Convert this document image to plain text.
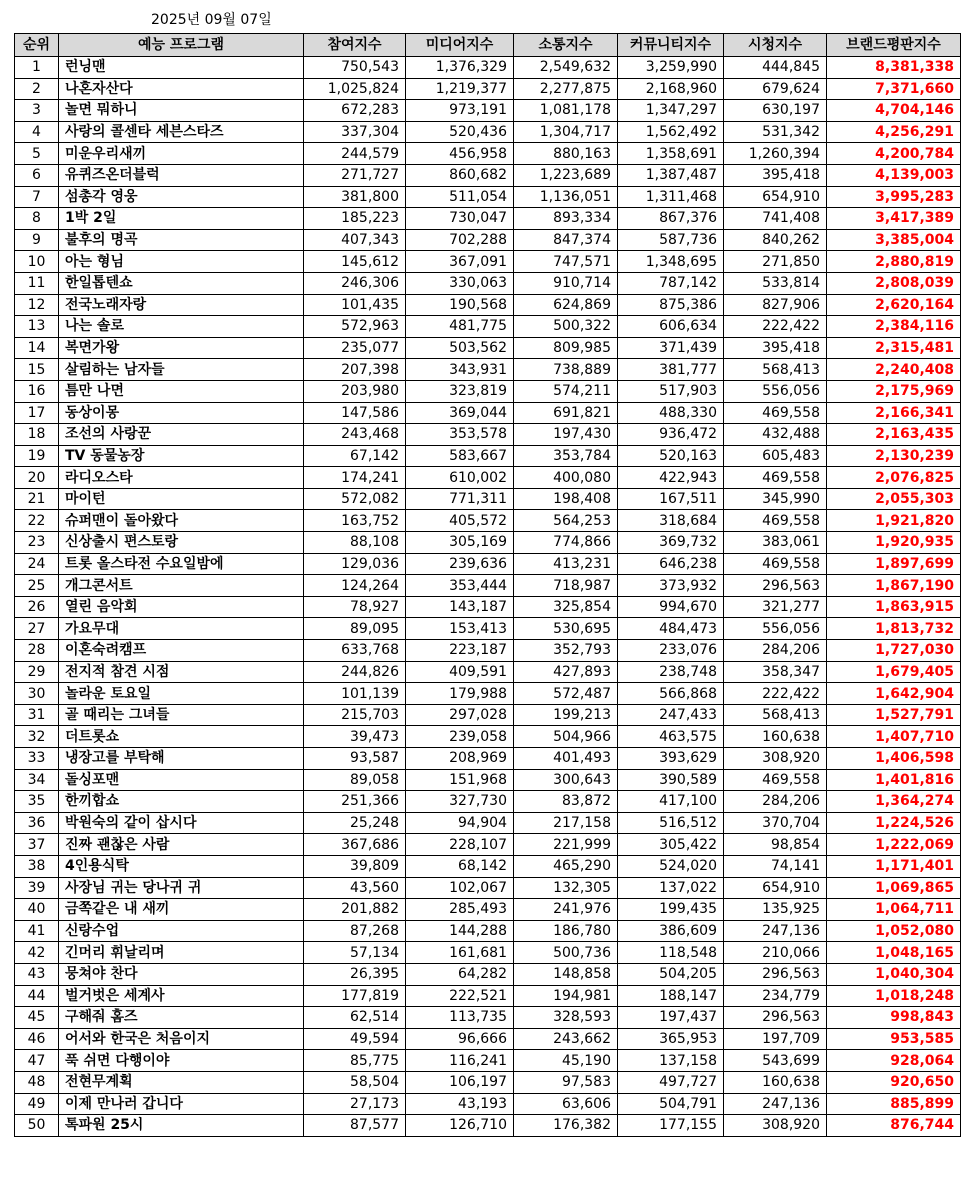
2025년 09월 07일
순위	예능 프로그램	참여지수	미디어지수	소통지수	커뮤니티지수	시청지수	브랜드평판지수
1	런닝맨	750,543	1,376,329	2,549,632	3,259,990	444,845	8,381,338
2	나혼자산다	1,025,824	1,219,377	2,277,875	2,168,960	679,624	7,371,660
3	놀면 뭐하니	672,283	973,191	1,081,178	1,347,297	630,197	4,704,146
4	사랑의 콜센타 세븐스타즈	337,304	520,436	1,304,717	1,562,492	531,342	4,256,291
5	미운우리새끼	244,579	456,958	880,163	1,358,691	1,260,394	4,200,784
6	유퀴즈온더블럭	271,727	860,682	1,223,689	1,387,487	395,418	4,139,003
7	섬총각 영웅	381,800	511,054	1,136,051	1,311,468	654,910	3,995,283
8	1박 2일	185,223	730,047	893,334	867,376	741,408	3,417,389
9	불후의 명곡	407,343	702,288	847,374	587,736	840,262	3,385,004
10	아는 형님	145,612	367,091	747,571	1,348,695	271,850	2,880,819
11	한일톱텐쇼	246,306	330,063	910,714	787,142	533,814	2,808,039
12	전국노래자랑	101,435	190,568	624,869	875,386	827,906	2,620,164
13	나는 솔로	572,963	481,775	500,322	606,634	222,422	2,384,116
14	복면가왕	235,077	503,562	809,985	371,439	395,418	2,315,481
15	살림하는 남자들	207,398	343,931	738,889	381,777	568,413	2,240,408
16	틈만 나면	203,980	323,819	574,211	517,903	556,056	2,175,969
17	동상이몽	147,586	369,044	691,821	488,330	469,558	2,166,341
18	조선의 사랑꾼	243,468	353,578	197,430	936,472	432,488	2,163,435
19	TV 동물농장	67,142	583,667	353,784	520,163	605,483	2,130,239
20	라디오스타	174,241	610,002	400,080	422,943	469,558	2,076,825
21	마이턴	572,082	771,311	198,408	167,511	345,990	2,055,303
22	슈퍼맨이 돌아왔다	163,752	405,572	564,253	318,684	469,558	1,921,820
23	신상출시 편스토랑	88,108	305,169	774,866	369,732	383,061	1,920,935
24	트롯 올스타전 수요일밤에	129,036	239,636	413,231	646,238	469,558	1,897,699
25	개그콘서트	124,264	353,444	718,987	373,932	296,563	1,867,190
26	열린 음악회	78,927	143,187	325,854	994,670	321,277	1,863,915
27	가요무대	89,095	153,413	530,695	484,473	556,056	1,813,732
28	이혼숙려캠프	633,768	223,187	352,793	233,076	284,206	1,727,030
29	전지적 참견 시점	244,826	409,591	427,893	238,748	358,347	1,679,405
30	놀라운 토요일	101,139	179,988	572,487	566,868	222,422	1,642,904
31	골 때리는 그녀들	215,703	297,028	199,213	247,433	568,413	1,527,791
32	더트롯쇼	39,473	239,058	504,966	463,575	160,638	1,407,710
33	냉장고를 부탁해	93,587	208,969	401,493	393,629	308,920	1,406,598
34	돌싱포맨	89,058	151,968	300,643	390,589	469,558	1,401,816
35	한끼합쇼	251,366	327,730	83,872	417,100	284,206	1,364,274
36	박원숙의 같이 삽시다	25,248	94,904	217,158	516,512	370,704	1,224,526
37	진짜 괜찮은 사람	367,686	228,107	221,999	305,422	98,854	1,222,069
38	4인용식탁	39,809	68,142	465,290	524,020	74,141	1,171,401
39	사장님 귀는 당나귀 귀	43,560	102,067	132,305	137,022	654,910	1,069,865
40	금쪽같은 내 새끼	201,882	285,493	241,976	199,435	135,925	1,064,711
41	신랑수업	87,268	144,288	186,780	386,609	247,136	1,052,080
42	긴머리 휘날리며	57,134	161,681	500,736	118,548	210,066	1,048,165
43	뭉쳐야 찬다	26,395	64,282	148,858	504,205	296,563	1,040,304
44	벌거벗은 세계사	177,819	222,521	194,981	188,147	234,779	1,018,248
45	구해줘 홈즈	62,514	113,735	328,593	197,437	296,563	998,843
46	어서와 한국은 처음이지	49,594	96,666	243,662	365,953	197,709	953,585
47	푹 쉬면 다행이야	85,775	116,241	45,190	137,158	543,699	928,064
48	전현무계획	58,504	106,197	97,583	497,727	160,638	920,650
49	이제 만나러 갑니다	27,173	43,193	63,606	504,791	247,136	885,899
50	톡파원 25시	87,577	126,710	176,382	177,155	308,920	876,744
